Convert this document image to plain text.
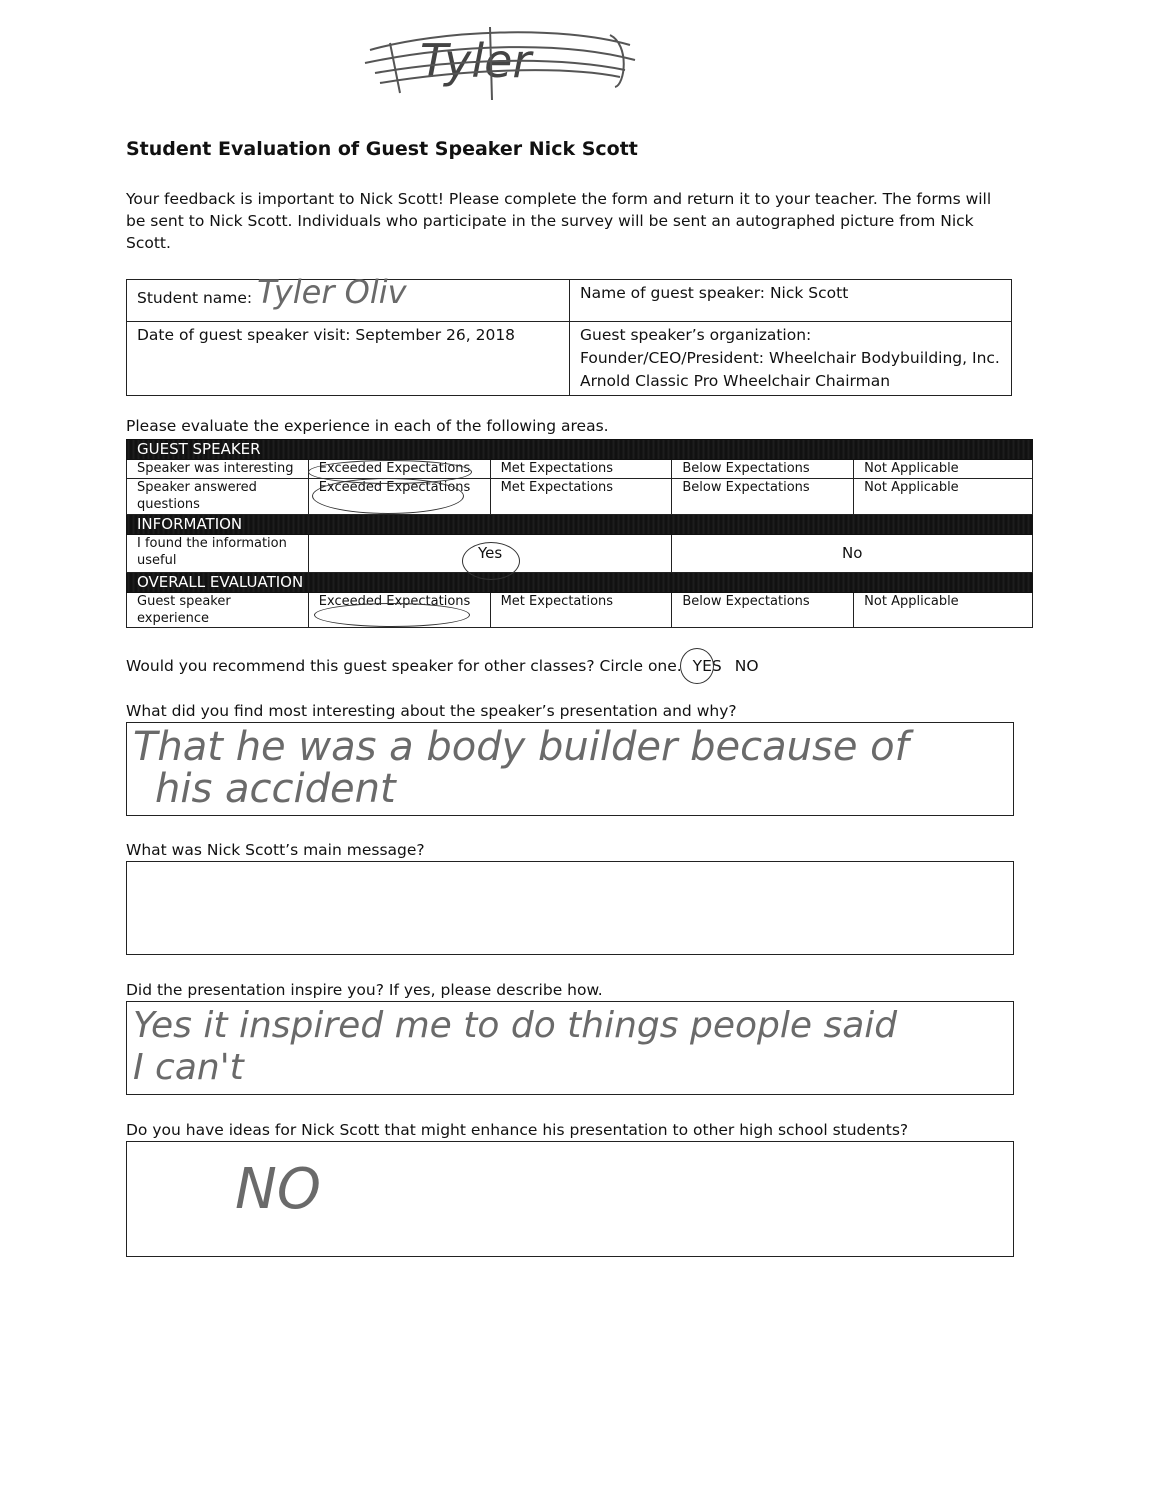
Tyler
Student Evaluation of Guest Speaker Nick Scott
Your feedback is important to Nick Scott! Please complete the form and return it to your teacher. The forms will be sent to Nick Scott. Individuals who participate in the survey will be sent an autographed picture from Nick Scott.
Student name: Tyler Oliv	Name of guest speaker: Nick Scott

Date of guest speaker visit: September 26, 2018	Guest speaker’s organization:
Founder/CEO/President: Wheelchair Bodybuilding, Inc.
Arnold Classic Pro Wheelchair Chairman
Please evaluate the experience in each of the following areas.
GUEST SPEAKER				
Speaker was interesting	Exceeded Expectations	Met Expectations	Below Expectations	Not Applicable
Speaker answered questions	Exceeded Expectations	Met Expectations	Below Expectations	Not Applicable
INFORMATION				
I found the information useful	Yes		No	
OVERALL EVALUATION				
Guest speaker experience	Exceeded Expectations	Met Expectations	Below Expectations	Not Applicable
Would you recommend this guest speaker for other classes? Circle one. YES NO
What did you find most interesting about the speaker’s presentation and why?
That he was a body builder because of
his accident
What was Nick Scott’s main message?
Did the presentation inspire you? If yes, please describe how.
Yes it inspired me to do things people said
I can't
Do you have ideas for Nick Scott that might enhance his presentation to other high school students?
NO
